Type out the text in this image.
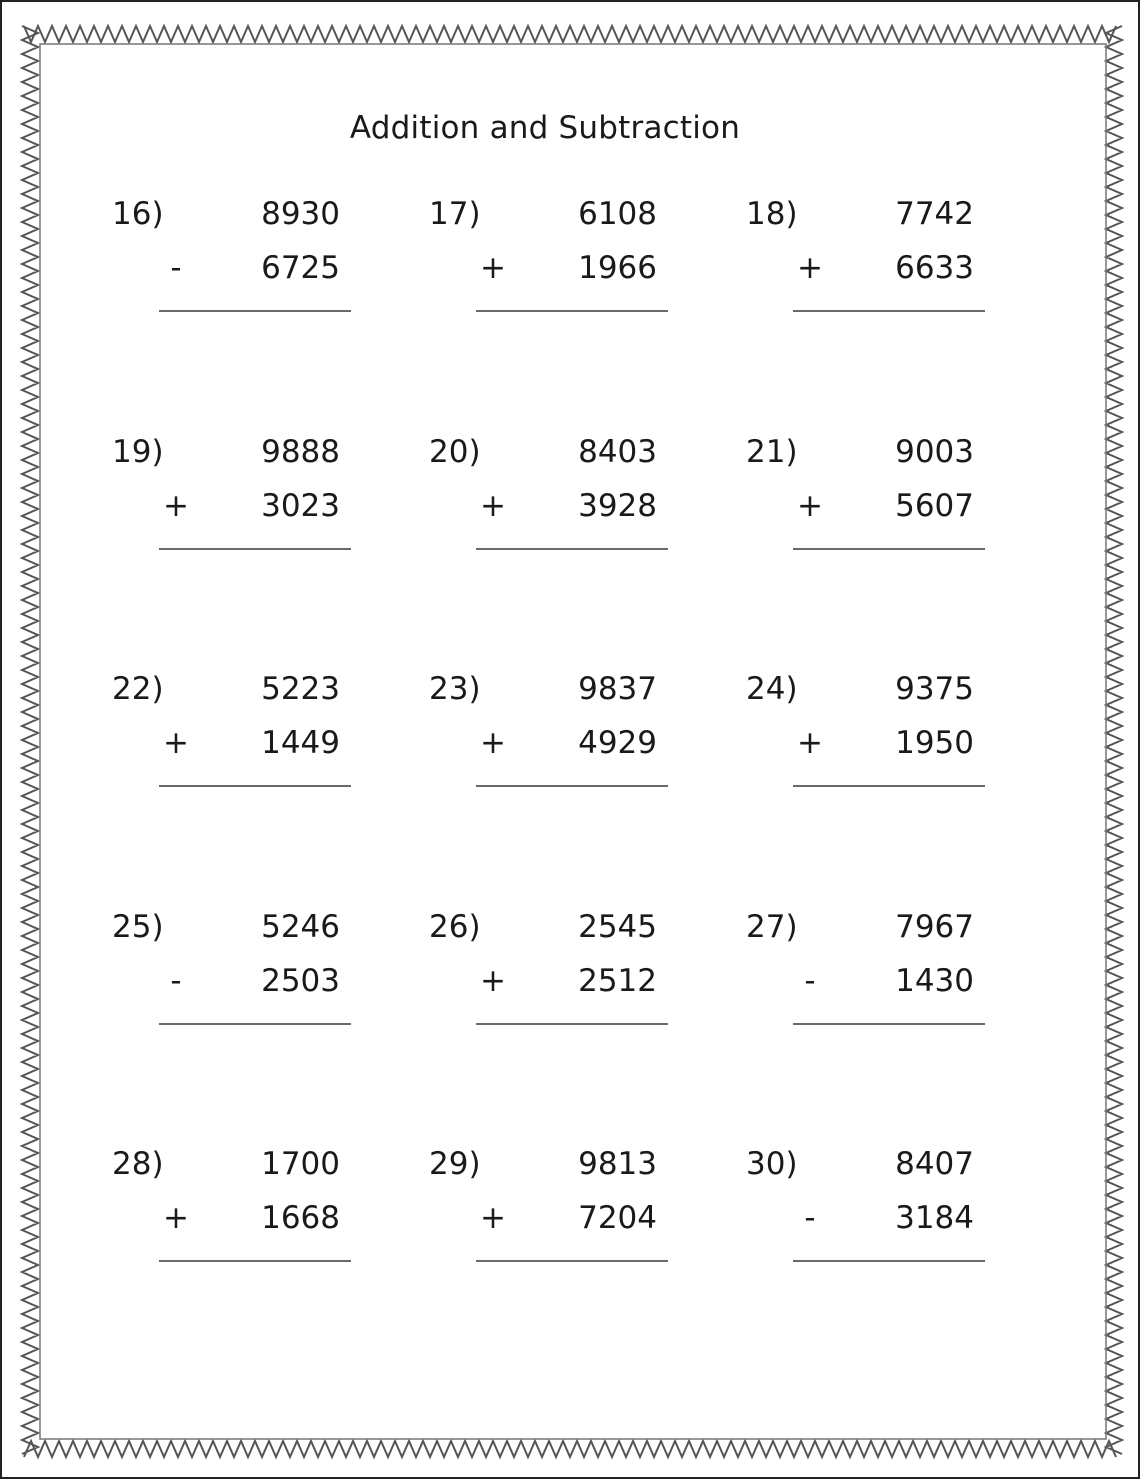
Addition and Subtraction
16)	8930
-	6725
17)	6108
+ 1966
18)	7742
+ 6633
19)	9888
+ 3023
20)	8403
+ 3928
21)	9003
+ 5607
22)	5223
+ 1449
23)	9837
+ 4929
24)	9375
+ 1950
25)	5246
-	2503
26)	2545
+ 2512
27)	7967
-	1430
28)	1700
+ 1668
29)	9813
+ 7204
30)	8407
-	3184
